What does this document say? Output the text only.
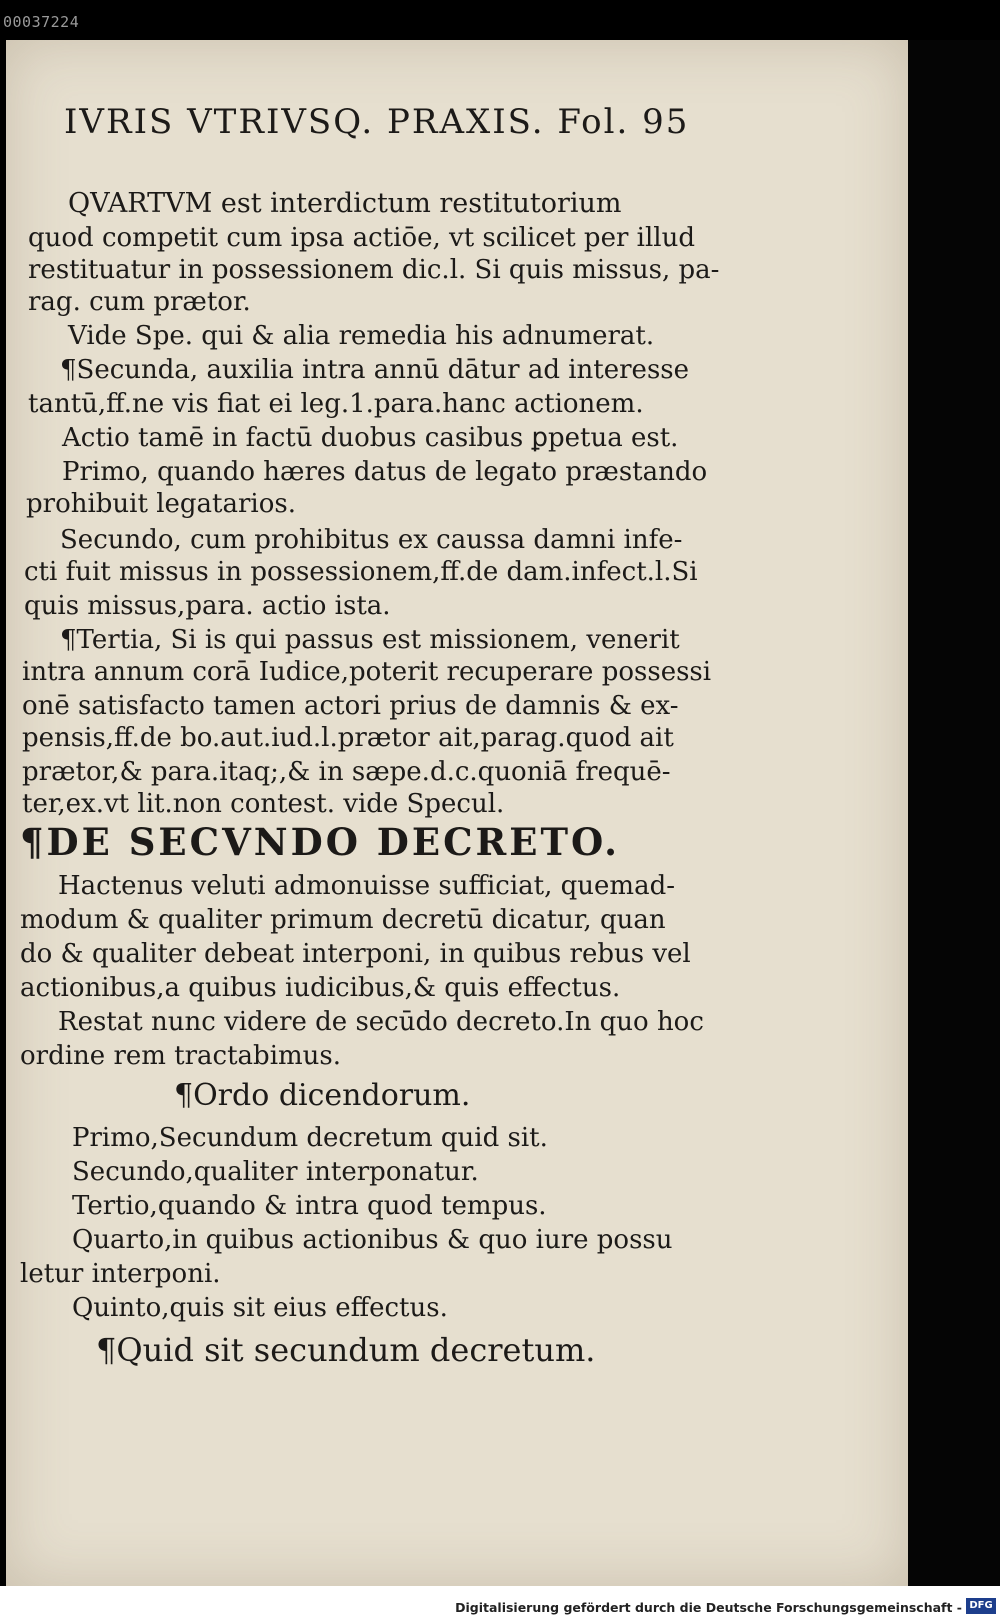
00037224
IVRIS VTRIVSQ. PRAXIS. Fol. 95
QVARTVM est interdictum restitutorium
quod competit cum ipsa actiōe, vt scilicet per illud
restituatur in possessionem dic.l. Si quis missus, pa-
rag. cum prætor.
Vide Spe. qui & alia remedia his adnumerat.
¶Secunda, auxilia intra annū dātur ad interesse
tantū,ff.ne vis fiat ei leg.1.para.hanc actionem.
Actio tamē in factū duobus casibus ꝑpetua est.
Primo, quando hæres datus de legato præstando
prohibuit legatarios.
Secundo, cum prohibitus ex caussa damni infe-
cti fuit missus in possessionem,ff.de dam.infect.l.Si
quis missus,para. actio ista.
¶Tertia, Si is qui passus est missionem, venerit
intra annum corā Iudice,poterit recuperare possessi
onē satisfacto tamen actori prius de damnis & ex-
pensis,ff.de bo.aut.iud.l.prætor ait,parag.quod ait
prætor,& para.itaq;,& in sæpe.d.c.quoniā frequē-
ter,ex.vt lit.non contest. vide Specul.
¶DE SECVNDO DECRETO.
Hactenus veluti admonuisse sufficiat, quemad-
modum & qualiter primum decretū dicatur, quan
do & qualiter debeat interponi, in quibus rebus vel
actionibus,a quibus iudicibus,& quis effectus.
Restat nunc videre de secūdo decreto.In quo hoc
ordine rem tractabimus.
¶Ordo dicendorum.
Primo,Secundum decretum quid sit.
Secundo,qualiter interponatur.
Tertio,quando & intra quod tempus.
Quarto,in quibus actionibus & quo iure possu
letur interponi.
Quinto,quis sit eius effectus.
¶Quid sit secundum decretum.
Digitalisierung gefördert durch die Deutsche Forschungsgemeinschaft - DFG
